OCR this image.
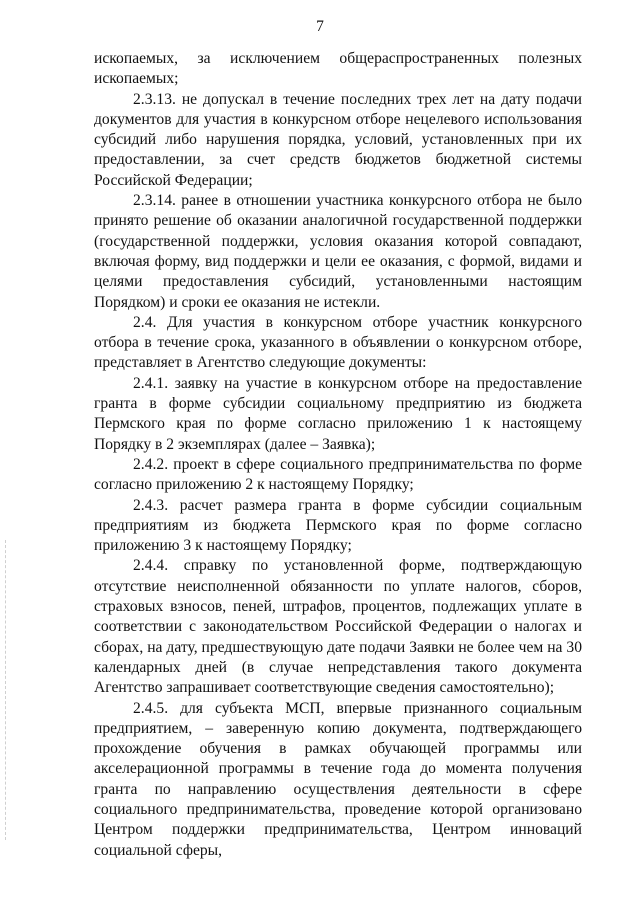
7

ископаемых, за исключением общераспространенных полезных ископаемых;

2.3.13. не допускал в течение последних трех лет на дату подачи документов для участия в конкурсном отборе нецелевого использования субсидий либо нарушения порядка, условий, установленных при их предоставлении, за счет средств бюджетов бюджетной системы Российской Федерации;

2.3.14. ранее в отношении участника конкурсного отбора не было принято решение об оказании аналогичной государственной поддержки (государственной поддержки, условия оказания которой совпадают, включая форму, вид поддержки и цели ее оказания, с формой, видами и целями предоставления субсидий, установленными настоящим Порядком) и сроки ее оказания не истекли.

2.4. Для участия в конкурсном отборе участник конкурсного отбора в течение срока, указанного в объявлении о конкурсном отборе, представляет в Агентство следующие документы:

2.4.1. заявку на участие в конкурсном отборе на предоставление гранта в форме субсидии социальному предприятию из бюджета Пермского края по форме согласно приложению 1 к настоящему Порядку в 2 экземплярах (далее – Заявка);

2.4.2. проект в сфере социального предпринимательства по форме согласно приложению 2 к настоящему Порядку;

2.4.3. расчет размера гранта в форме субсидии социальным предприятиям из бюджета Пермского края по форме согласно приложению 3 к настоящему Порядку;

2.4.4. справку по установленной форме, подтверждающую отсутствие неисполненной обязанности по уплате налогов, сборов, страховых взносов, пеней, штрафов, процентов, подлежащих уплате в соответствии с законодательством Российской Федерации о налогах и сборах, на дату, предшествующую дате подачи Заявки не более чем на 30 календарных дней (в случае непредставления такого документа Агентство запрашивает соответствующие сведения самостоятельно);

2.4.5. для субъекта МСП, впервые признанного социальным предприятием, – заверенную копию документа, подтверждающего прохождение обучения в рамках обучающей программы или акселерационной программы в течение года до момента получения гранта по направлению осуществления деятельности в сфере социального предпринимательства, проведение которой организовано Центром поддержки предпринимательства, Центром инноваций социальной сферы,
